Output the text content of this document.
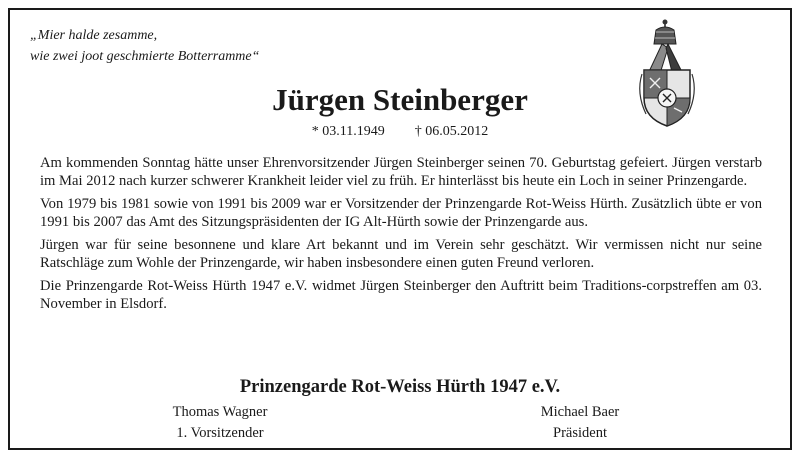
„Mier halde zesamme,
wie zwei joot geschmierte Botterramme“
Jürgen Steinberger
* 03.11.1949 † 06.05.2012

Am kommenden Sonntag hätte unser Ehrenvorsitzender Jürgen Steinberger seinen 70. Geburtstag gefeiert. Jürgen verstarb im Mai 2012 nach kurzer schwerer Krankheit leider viel zu früh. Er hinterlässt bis heute ein Loch in seiner Prinzengarde.

Von 1979 bis 1981 sowie von 1991 bis 2009 war er Vorsitzender der Prinzengarde Rot-Weiss Hürth. Zusätzlich übte er von 1991 bis 2007 das Amt des Sitzungspräsidenten der IG Alt-Hürth sowie der Prinzengarde aus.

Jürgen war für seine besonnene und klare Art bekannt und im Verein sehr geschätzt. Wir vermissen nicht nur seine Ratschläge zum Wohle der Prinzengarde, wir haben insbesondere einen guten Freund verloren.

Die Prinzengarde Rot-Weiss Hürth 1947 e.V. widmet Jürgen Steinberger den Auftritt beim Traditions-corpstreffen am 03. November in Elsdorf.

Prinzengarde Rot-Weiss Hürth 1947 e.V.
Thomas Wagner
1. Vorsitzender
Michael Baer
Präsident
